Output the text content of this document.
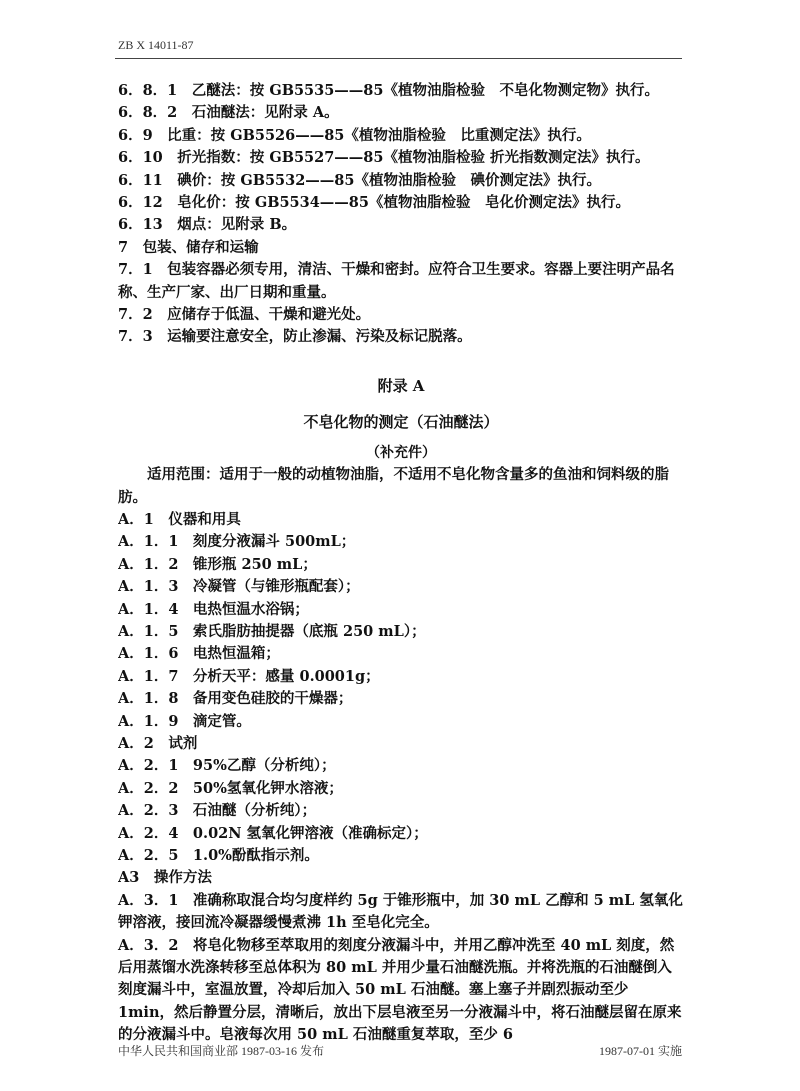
ZB X 14011-87
6．8．1　乙醚法：按 GB5535——85《植物油脂检验　不皂化物测定物》执行。
6．8．2　石油醚法：见附录 A。
6．9　比重：按 GB5526——85《植物油脂检验　比重测定法》执行。
6．10　折光指数：按 GB5527——85《植物油脂检验 折光指数测定法》执行。
6．11　碘价：按 GB5532——85《植物油脂检验　碘价测定法》执行。
6．12　皂化价：按 GB5534——85《植物油脂检验　皂化价测定法》执行。
6．13　烟点：见附录 B。
7　包装、储存和运输
7．1　包装容器必须专用，清洁、干燥和密封。应符合卫生要求。容器上要注明产品名称、生产厂家、出厂日期和重量。
7．2　应储存于低温、干燥和避光处。
7．3　运输要注意安全，防止渗漏、污染及标记脱落。
附录 A
不皂化物的测定（石油醚法）
（补充件）
适用范围：适用于一般的动植物油脂，不适用不皂化物含量多的鱼油和饲料级的脂肪。
A．1　仪器和用具
A．1．1　刻度分液漏斗 500mL；
A．1．2　锥形瓶 250 mL；
A．1．3　冷凝管（与锥形瓶配套）；
A．1．4　电热恒温水浴锅；
A．1．5　索氏脂肪抽提器（底瓶 250 mL）；
A．1．6　电热恒温箱；
A．1．7　分析天平：感量 0.0001g；
A．1．8　备用变色硅胶的干燥器；
A．1．9　滴定管。
A．2　试剂
A．2．1　95%乙醇（分析纯）；
A．2．2　50%氢氧化钾水溶液；
A．2．3　石油醚（分析纯）；
A．2．4　0.02N 氢氧化钾溶液（准确标定）；
A．2．5　1.0%酚酞指示剂。
A3　操作方法
A．3．1　准确称取混合均匀度样约 5g 于锥形瓶中，加 30 mL 乙醇和 5 mL 氢氧化钾溶液，接回流冷凝器缓慢煮沸 1h 至皂化完全。
A．3．2　将皂化物移至萃取用的刻度分液漏斗中，并用乙醇冲洗至 40 mL 刻度，然后用蒸馏水洗涤转移至总体积为 80 mL 并用少量石油醚洗瓶。并将洗瓶的石油醚倒入刻度漏斗中，室温放置，冷却后加入 50 mL 石油醚。塞上塞子并剧烈振动至少 1min，然后静置分层，清晰后，放出下层皂液至另一分液漏斗中，将石油醚层留在原来的分液漏斗中。皂液每次用 50 mL 石油醚重复萃取，至少 6
中华人民共和国商业部 1987-03-16 发布	1987-07-01 实施
